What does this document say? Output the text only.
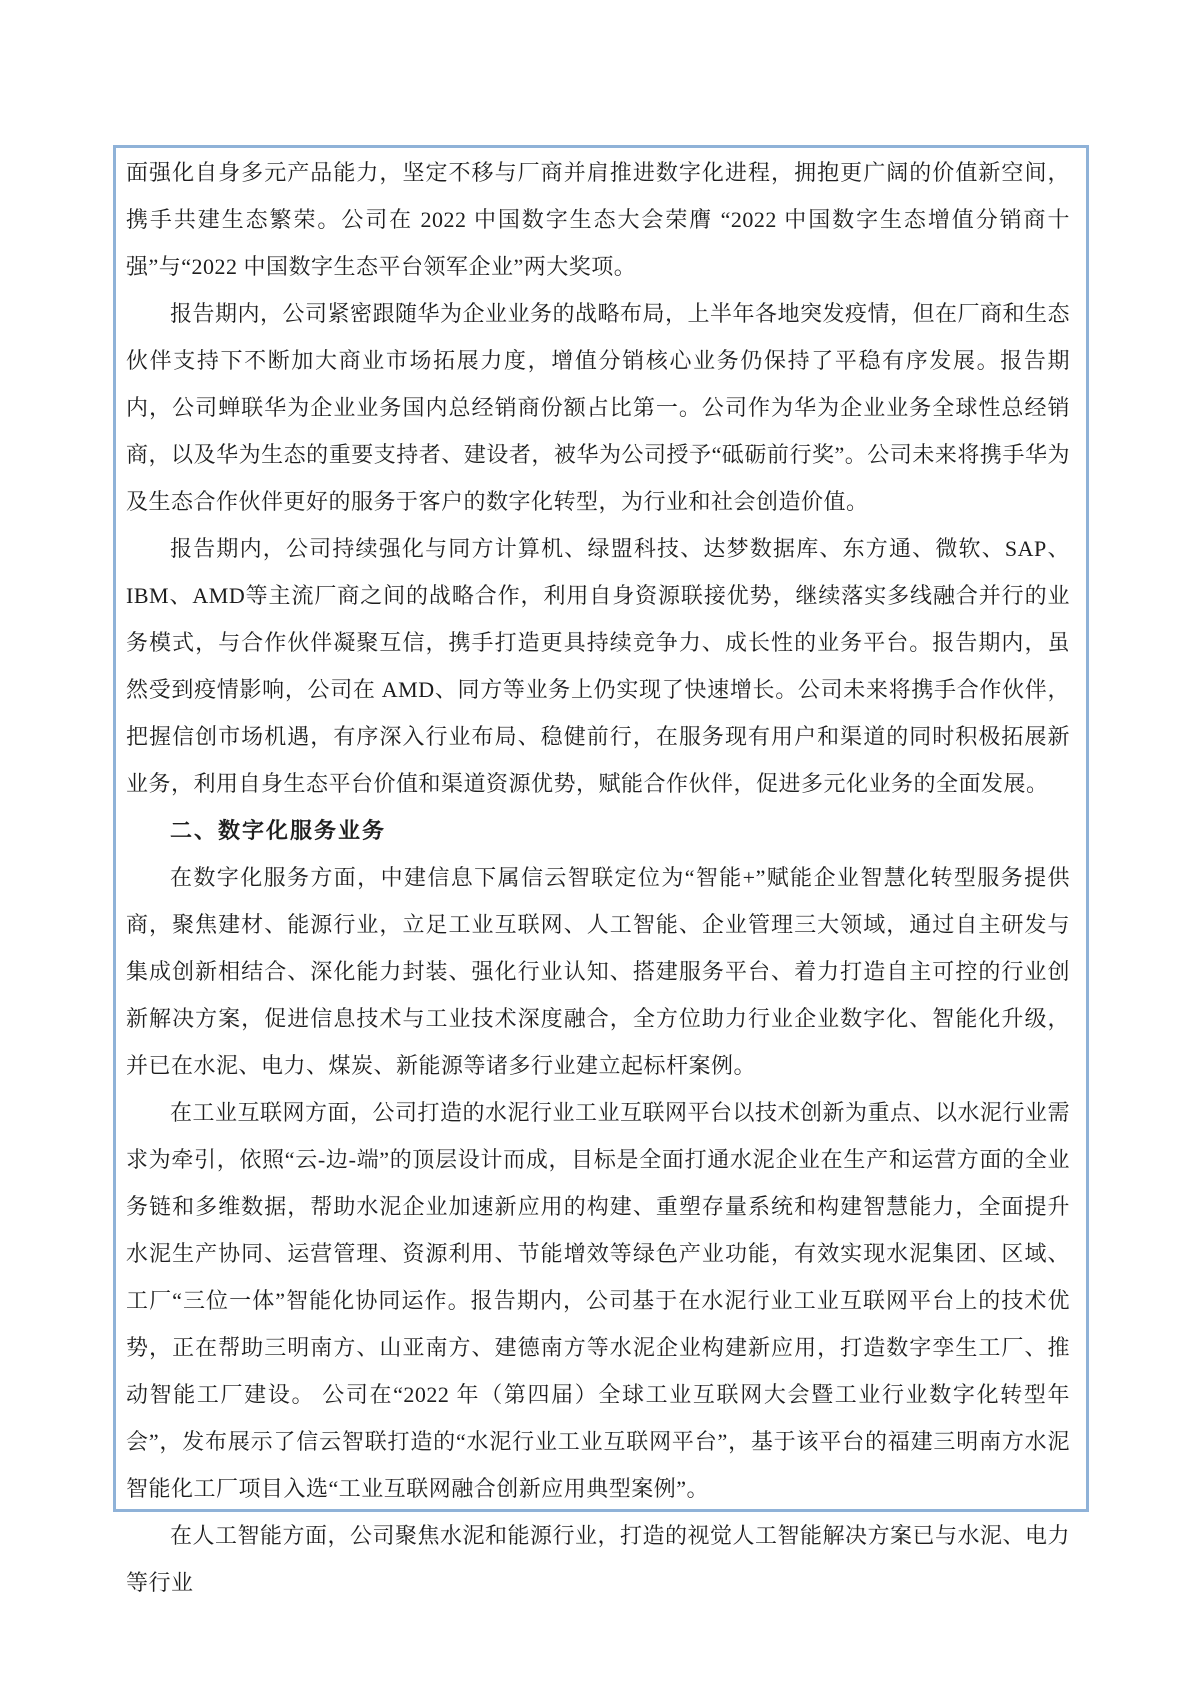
面强化自身多元产品能力，坚定不移与厂商并肩推进数字化进程，拥抱更广阔的价值新空间，携手共建生态繁荣。公司在 2022 中国数字生态大会荣膺 “2022 中国数字生态增值分销商十强”与“2022 中国数字生态平台领军企业”两大奖项。

报告期内，公司紧密跟随华为企业业务的战略布局，上半年各地突发疫情，但在厂商和生态伙伴支持下不断加大商业市场拓展力度，增值分销核心业务仍保持了平稳有序发展。报告期内，公司蝉联华为企业业务国内总经销商份额占比第一。公司作为华为企业业务全球性总经销商，以及华为生态的重要支持者、建设者，被华为公司授予“砥砺前行奖”。公司未来将携手华为及生态合作伙伴更好的服务于客户的数字化转型，为行业和社会创造价值。

报告期内，公司持续强化与同方计算机、绿盟科技、达梦数据库、东方通、微软、SAP、IBM、AMD等主流厂商之间的战略合作，利用自身资源联接优势，继续落实多线融合并行的业务模式，与合作伙伴凝聚互信，携手打造更具持续竞争力、成长性的业务平台。报告期内，虽然受到疫情影响，公司在 AMD、同方等业务上仍实现了快速增长。公司未来将携手合作伙伴，把握信创市场机遇，有序深入行业布局、稳健前行，在服务现有用户和渠道的同时积极拓展新业务，利用自身生态平台价值和渠道资源优势，赋能合作伙伴，促进多元化业务的全面发展。

二、数字化服务业务

在数字化服务方面，中建信息下属信云智联定位为“智能+”赋能企业智慧化转型服务提供商，聚焦建材、能源行业，立足工业互联网、人工智能、企业管理三大领域，通过自主研发与集成创新相结合、深化能力封装、强化行业认知、搭建服务平台、着力打造自主可控的行业创新解决方案，促进信息技术与工业技术深度融合，全方位助力行业企业数字化、智能化升级，并已在水泥、电力、煤炭、新能源等诸多行业建立起标杆案例。

在工业互联网方面，公司打造的水泥行业工业互联网平台以技术创新为重点、以水泥行业需求为牵引，依照“云-边-端”的顶层设计而成，目标是全面打通水泥企业在生产和运营方面的全业务链和多维数据，帮助水泥企业加速新应用的构建、重塑存量系统和构建智慧能力，全面提升水泥生产协同、运营管理、资源利用、节能增效等绿色产业功能，有效实现水泥集团、区域、工厂“三位一体”智能化协同运作。报告期内，公司基于在水泥行业工业互联网平台上的技术优势，正在帮助三明南方、山亚南方、建德南方等水泥企业构建新应用，打造数字孪生工厂、推动智能工厂建设。 公司在“2022 年（第四届）全球工业互联网大会暨工业行业数字化转型年会”，发布展示了信云智联打造的“水泥行业工业互联网平台”，基于该平台的福建三明南方水泥智能化工厂项目入选“工业互联网融合创新应用典型案例”。

在人工智能方面，公司聚焦水泥和能源行业，打造的视觉人工智能解决方案已与水泥、电力等行业
